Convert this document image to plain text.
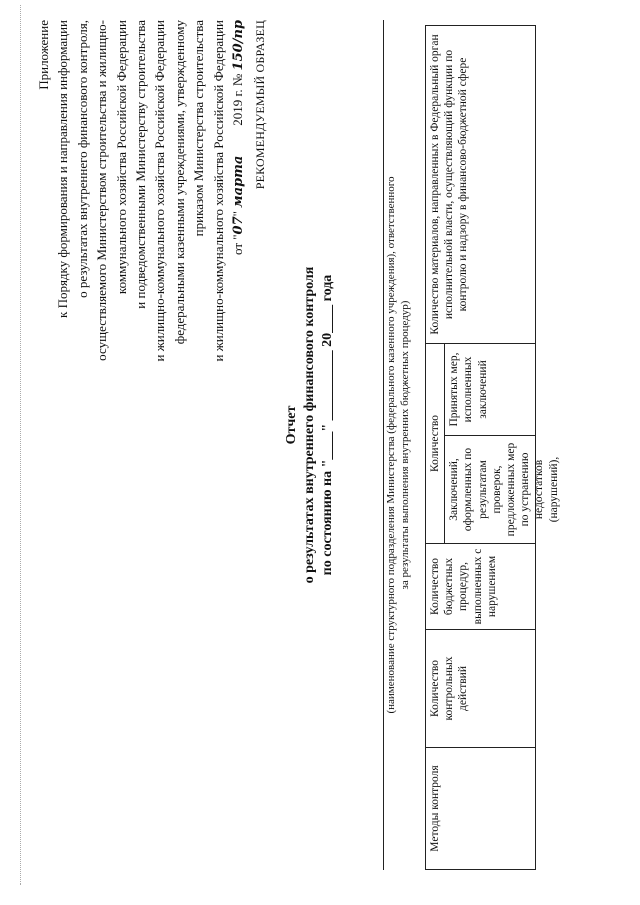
Приложение к Порядку формирования и направления информации о результатах внутреннего финансового контроля, осуществляемого Министерством строительства и жилищно- коммунального хозяйства Российской Федерации и подведомственными Министерству строительства и жилищно-коммунального хозяйства Российской Федерации федеральными казенными учреждениями, утвержденному приказом Министерства строительства и жилищно-коммунального хозяйства Российской Федерации от "07" марта2019 г. № 150/пр РЕКОМЕНДУЕМЫЙ ОБРАЗЕЦ
Отчет о результатах внутреннего финансового контроля по состоянию на "____" __________ 20____ года	(наименование структурного подразделения Министерства (федерального казенного учреждения), ответственного за результаты выполнения внутренних бюджетных процедур)
Методы контроля	Количество контрольных действий	Количество бюджетных процедур, выполненных с нарушением	Количество		Количество материалов, направленных в Федеральный орган исполнительной власти, осуществляющий функции по контролю и надзору в финансово-бюджетной сфере

			Заключений, оформленных по результатам проверок, предложенных мер по устранению недостатков (нарушений),	Принятых мер, исполненных заключений	
